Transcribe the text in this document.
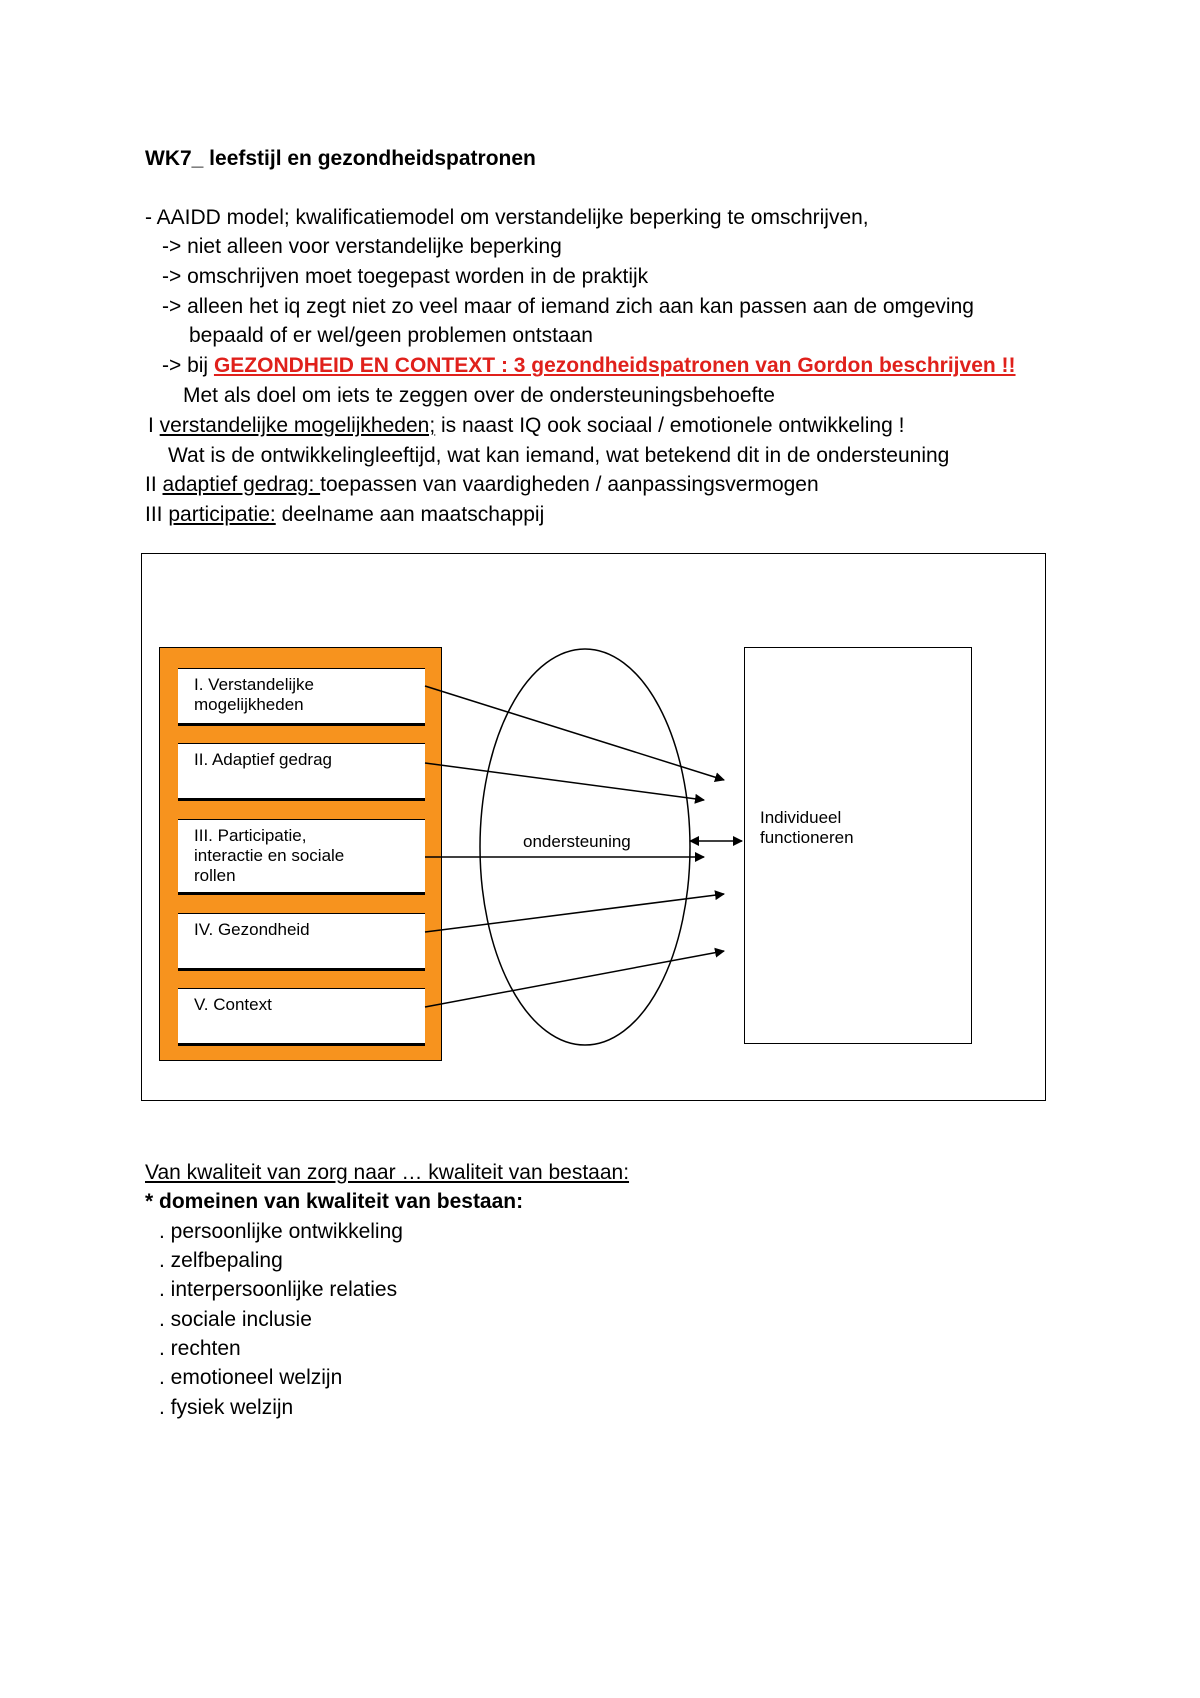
WK7_ leefstijl en gezondheidspatronen
- AAIDD model; kwalificatiemodel om verstandelijke beperking te omschrijven,
-> niet alleen voor verstandelijke beperking
-> omschrijven moet toegepast worden in de praktijk
-> alleen het iq zegt niet zo veel maar of iemand zich aan kan passen aan de omgeving
bepaald of er wel/geen problemen ontstaan
-> bij GEZONDHEID EN CONTEXT : 3 gezondheidspatronen van Gordon beschrijven !!
Met als doel om iets te zeggen over de ondersteuningsbehoefte
I verstandelijke mogelijkheden; is naast IQ ook sociaal / emotionele ontwikkeling !
Wat is de ontwikkelingleeftijd, wat kan iemand, wat betekend dit in de ondersteuning
II adaptief gedrag: toepassen van vaardigheden / aanpassingsvermogen
III participatie: deelname aan maatschappij
I. Verstandelijke
mogelijkheden
II. Adaptief gedrag
III. Participatie,
interactie en sociale
rollen
IV. Gezondheid
V. Context
Individueel
functioneren
ondersteuning
Van kwaliteit van zorg naar … kwaliteit van bestaan:
* domeinen van kwaliteit van bestaan:
. persoonlijke ontwikkeling
. zelfbepaling
. interpersoonlijke relaties
. sociale inclusie
. rechten
. emotioneel welzijn
. fysiek welzijn
